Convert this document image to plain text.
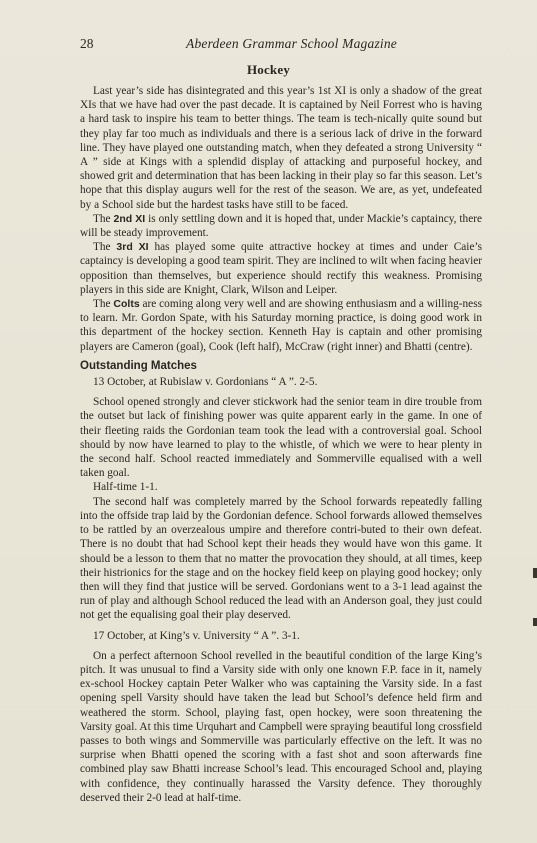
28	Aberdeen Grammar School Magazine
Hockey

Last year’s side has disintegrated and this year’s 1st XI is only a shadow of the great XIs that we have had over the past decade. It is captained by Neil Forrest who is having a hard task to inspire his team to better things. The team is tech-nically quite sound but they play far too much as individuals and there is a serious lack of drive in the forward line. They have played one outstanding match, when they defeated a strong University “ A ” side at Kings with a splendid display of attacking and purposeful hockey, and showed grit and determination that has been lacking in their play so far this season. Let’s hope that this display augurs well for the rest of the season. We are, as yet, undefeated by a School side but the hardest tasks have still to be faced.

The 2nd XI is only settling down and it is hoped that, under Mackie’s captaincy, there will be steady improvement.

The 3rd XI has played some quite attractive hockey at times and under Caie’s captaincy is developing a good team spirit. They are inclined to wilt when facing heavier opposition than themselves, but experience should rectify this weakness. Promising players in this side are Knight, Clark, Wilson and Leiper.

The Colts are coming along very well and are showing enthusiasm and a willing-ness to learn. Mr. Gordon Spate, with his Saturday morning practice, is doing good work in this department of the hockey section. Kenneth Hay is captain and other promising players are Cameron (goal), Cook (left half), McCraw (right inner) and Bhatti (centre).

Outstanding Matches

13 October, at Rubislaw v. Gordonians “ A ”. 2-5.

School opened strongly and clever stickwork had the senior team in dire trouble from the outset but lack of finishing power was quite apparent early in the game. In one of their fleeting raids the Gordonian team took the lead with a controversial goal. School should by now have learned to play to the whistle, of which we were to hear plenty in the second half. School reacted immediately and Sommerville equalised with a well taken goal.

Half-time 1-1.

The second half was completely marred by the School forwards repeatedly falling into the offside trap laid by the Gordonian defence. School forwards allowed themselves to be rattled by an overzealous umpire and therefore contri-buted to their own defeat. There is no doubt that had School kept their heads they would have won this game. It should be a lesson to them that no matter the provocation they should, at all times, keep their histrionics for the stage and on the hockey field keep on playing good hockey; only then will they find that justice will be served. Gordonians went to a 3-1 lead against the run of play and although School reduced the lead with an Anderson goal, they just could not get the equalising goal their play deserved.

17 October, at King’s v. University “ A ”. 3-1.

On a perfect afternoon School revelled in the beautiful condition of the large King’s pitch. It was unusual to find a Varsity side with only one known F.P. face in it, namely ex-school Hockey captain Peter Walker who was captaining the Varsity side. In a fast opening spell Varsity should have taken the lead but School’s defence held firm and weathered the storm. School, playing fast, open hockey, were soon threatening the Varsity goal. At this time Urquhart and Campbell were spraying beautiful long crossfield passes to both wings and Sommerville was particularly effective on the left. It was no surprise when Bhatti opened the scoring with a fast shot and soon afterwards fine combined play saw Bhatti increase School’s lead. This encouraged School and, playing with confidence, they continually harassed the Varsity defence. They thoroughly deserved their 2-0 lead at half-time.
